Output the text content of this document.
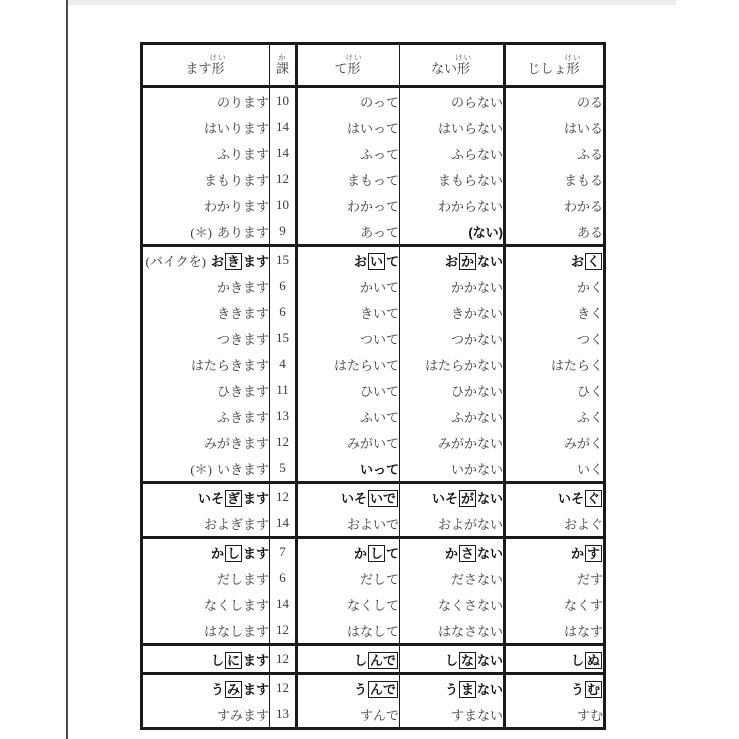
ます形けい	課か	て形けい	ない形けい	じしょ形けい
のります	10	のって	のらない	のる
はいります	14	はいって	はいらない	はいる
ふります	14	ふって	ふらない	ふる
まもります	12	まもって	まもらない	まもる
わかります	10	わかって	わからない	わかる
(＊) あります	9	あって	(ない)	ある
(バイクを) お き ます	15	お い て	お か ない	お く
かきます	6	かいて	かかない	かく
ききます	6	きいて	きかない	きく
つきます	15	ついて	つかない	つく
はたらきます	4	はたらいて	はたらかない	はたらく
ひきます	11	ひいて	ひかない	ひく
ふきます	13	ふいて	ふかない	ふく
みがきます	12	みがいて	みがかない	みがく
(＊) いきます	5	いって	いかない	いく
いそ ぎ ます	12	いそ いで	いそ が ない	いそ ぐ
およぎます	14	およいで	およがない	およぐ
か し ます	7	か し て	か さ ない	か す
だします	6	だして	ださない	だす
なくします	14	なくして	なくさない	なくす
はなします	12	はなして	はなさない	はなす
し に ます	12	し んで	し な ない	し ぬ
う み ます	12	う んで	う ま ない	う む
すみます	13	すんで	すまない	すむ
